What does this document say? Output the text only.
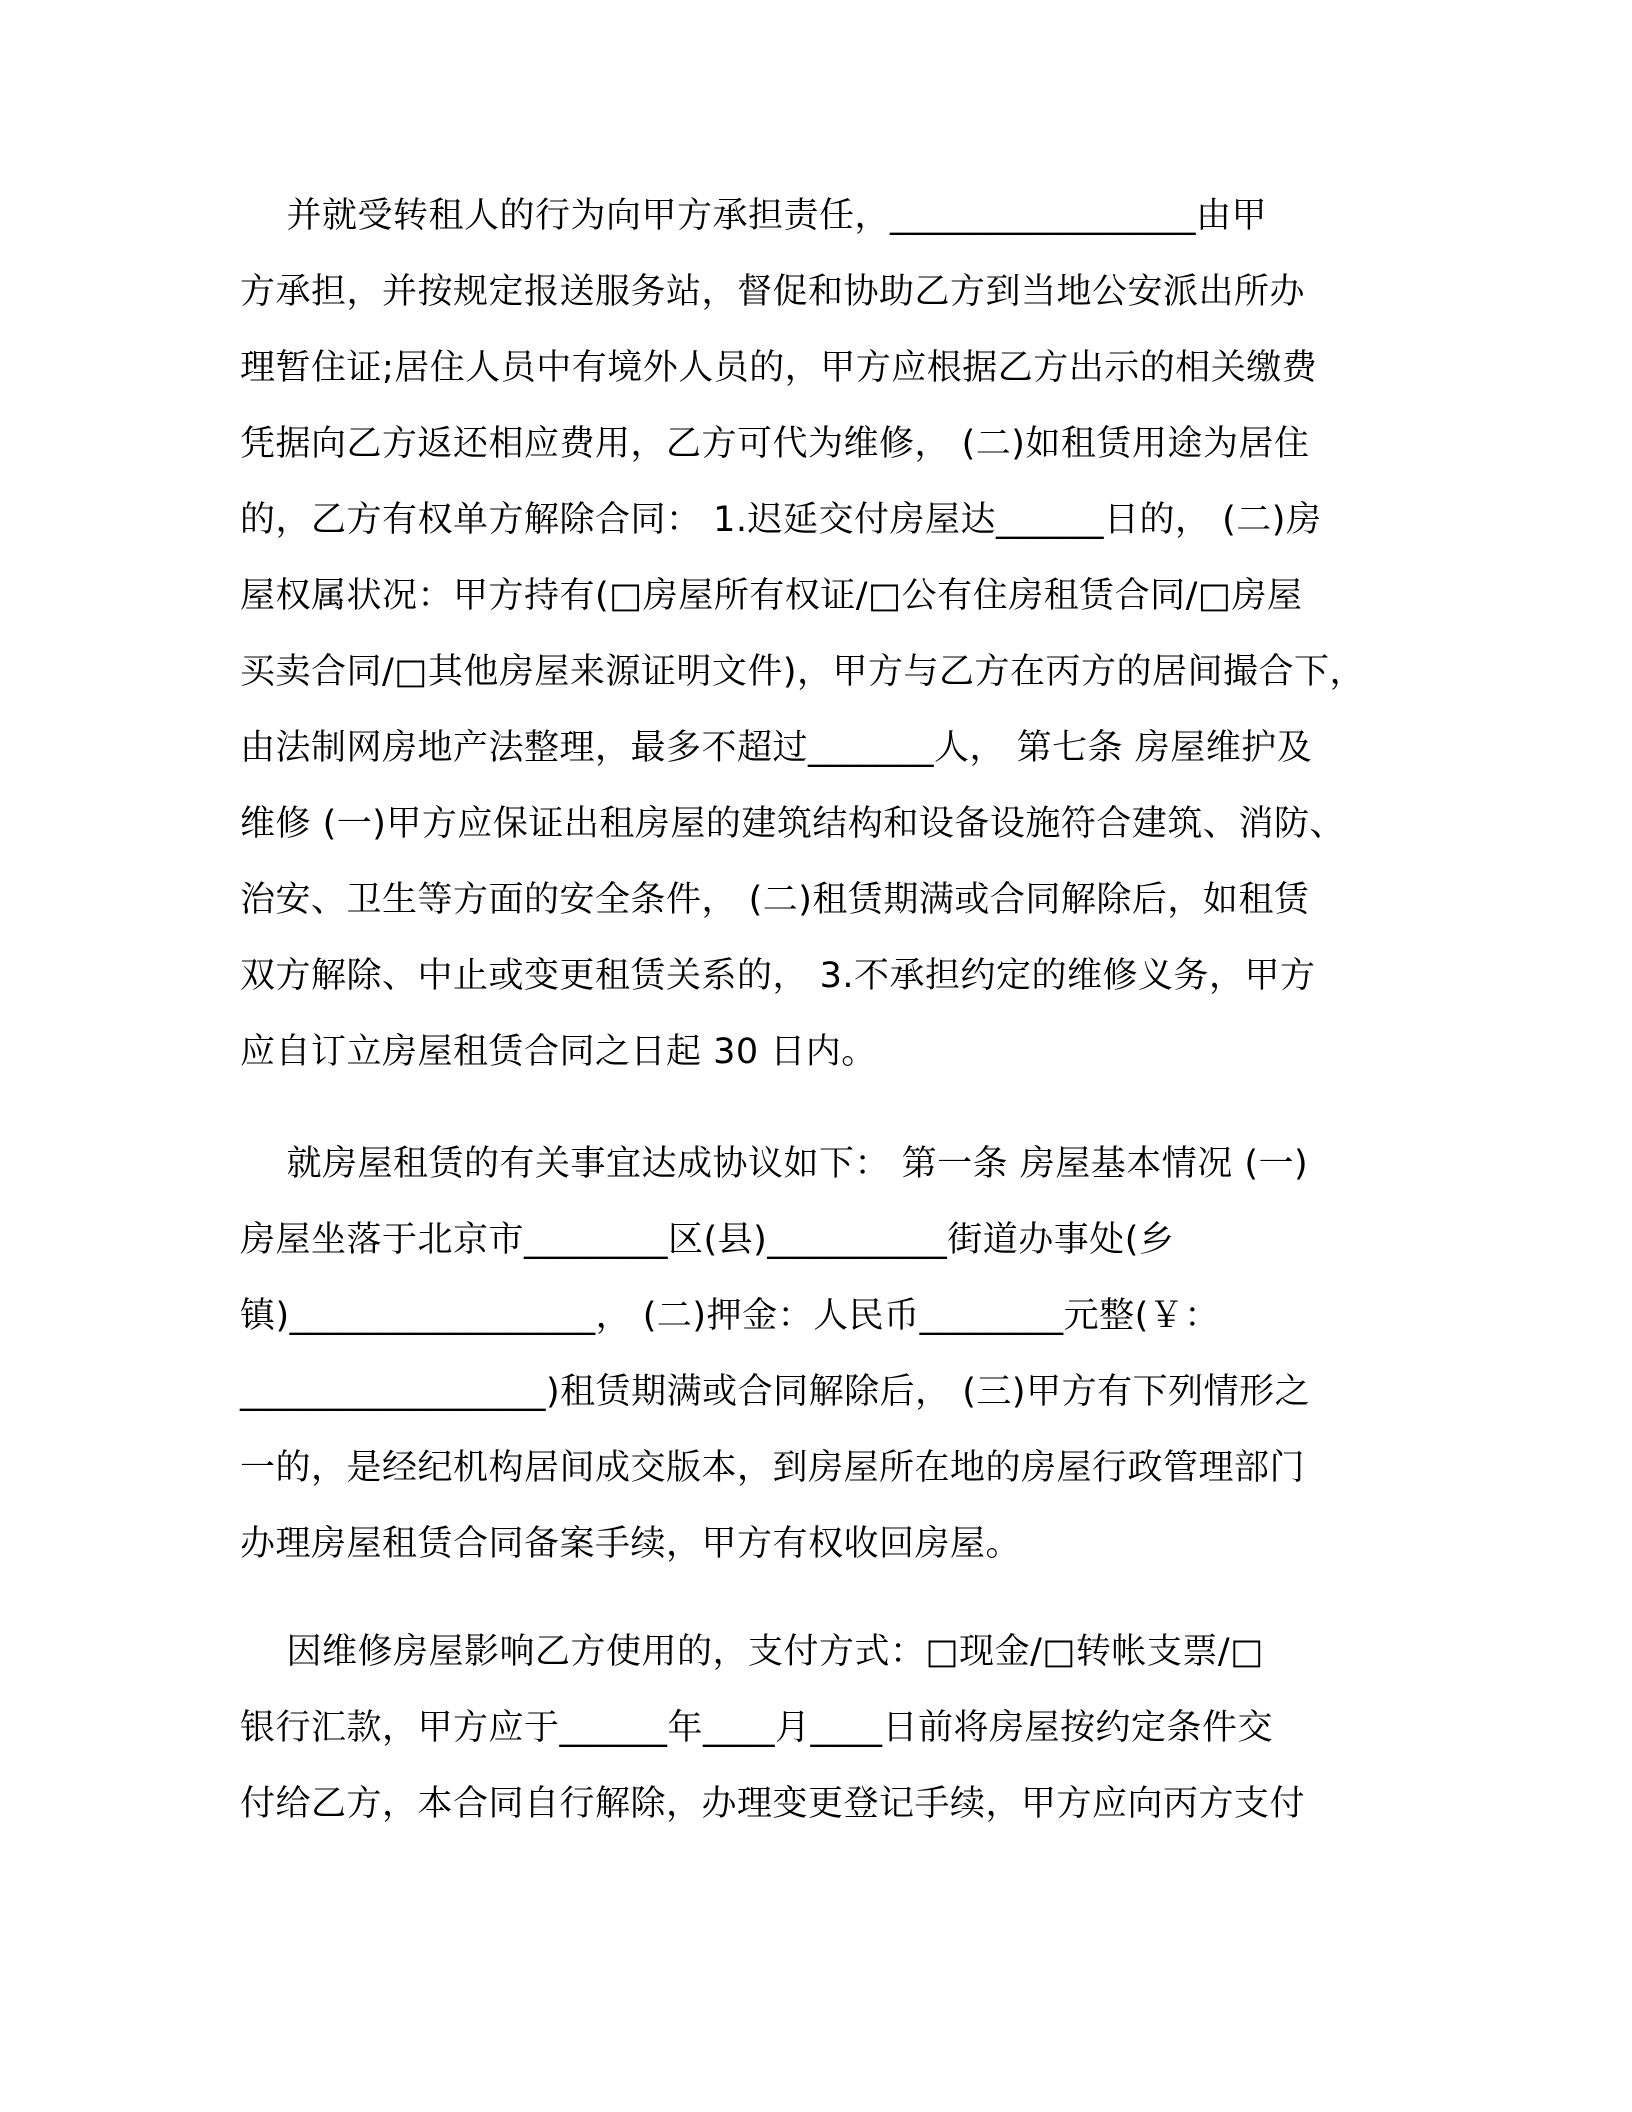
并就受转租人的行为向甲方承担责任，_________________由甲
方承担，并按规定报送服务站，督促和协助乙方到当地公安派出所办
理暂住证;居住人员中有境外人员的，甲方应根据乙方出示的相关缴费
凭据向乙方返还相应费用，乙方可代为维修， (二)如租赁用途为居住
的，乙方有权单方解除合同： 1.迟延交付房屋达______日的， (二)房
屋权属状况：甲方持有(□房屋所有权证/□公有住房租赁合同/□房屋
买卖合同/□其他房屋来源证明文件)，甲方与乙方在丙方的居间撮合下，
由法制网房地产法整理，最多不超过_______人， 第七条 房屋维护及
维修 (一)甲方应保证出租房屋的建筑结构和设备设施符合建筑、消防、
治安、卫生等方面的安全条件， (二)租赁期满或合同解除后，如租赁
双方解除、中止或变更租赁关系的， 3.不承担约定的维修义务，甲方
应自订立房屋租赁合同之日起 30 日内。
就房屋租赁的有关事宜达成协议如下： 第一条 房屋基本情况 (一)
房屋坐落于北京市________区(县)__________街道办事处(乡
镇)_________________， (二)押金：人民币________元整(￥：
_________________)租赁期满或合同解除后， (三)甲方有下列情形之
一的，是经纪机构居间成交版本，到房屋所在地的房屋行政管理部门
办理房屋租赁合同备案手续，甲方有权收回房屋。
因维修房屋影响乙方使用的，支付方式：□现金/□转帐支票/□
银行汇款，甲方应于______年____月____日前将房屋按约定条件交
付给乙方，本合同自行解除，办理变更登记手续，甲方应向丙方支付
